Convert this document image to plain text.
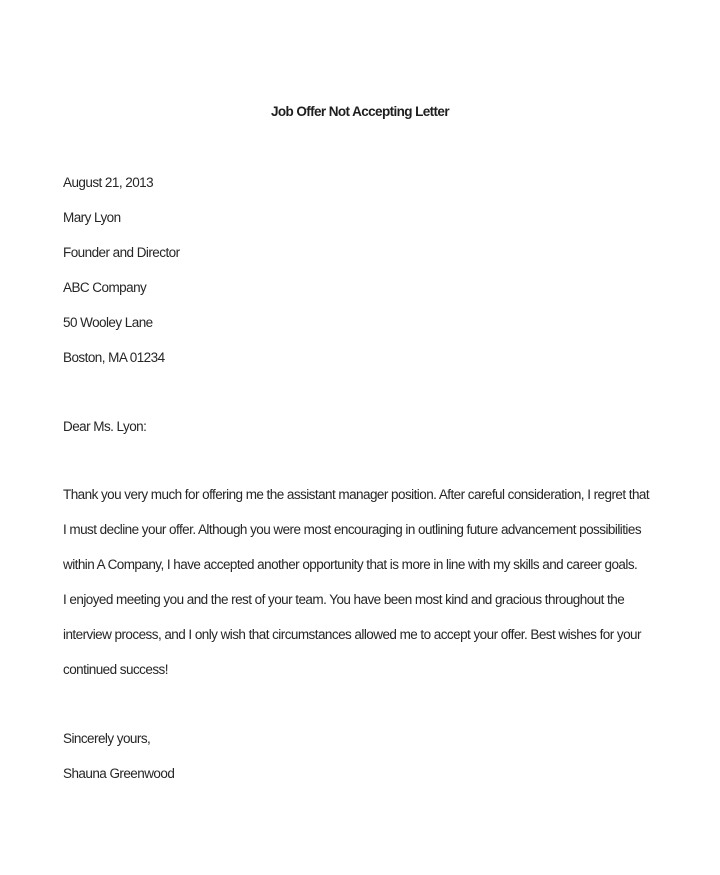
Job Offer Not Accepting Letter
August 21, 2013
Mary Lyon
Founder and Director
ABC Company
50 Wooley Lane
Boston, MA 01234
Dear Ms. Lyon:
Thank you very much for offering me the assistant manager position. After careful consideration, I regret that
I must decline your offer. Although you were most encouraging in outlining future advancement possibilities
within A Company, I have accepted another opportunity that is more in line with my skills and career goals.
I enjoyed meeting you and the rest of your team. You have been most kind and gracious throughout the
interview process, and I only wish that circumstances allowed me to accept your offer. Best wishes for your
continued success!
Sincerely yours,
Shauna Greenwood
